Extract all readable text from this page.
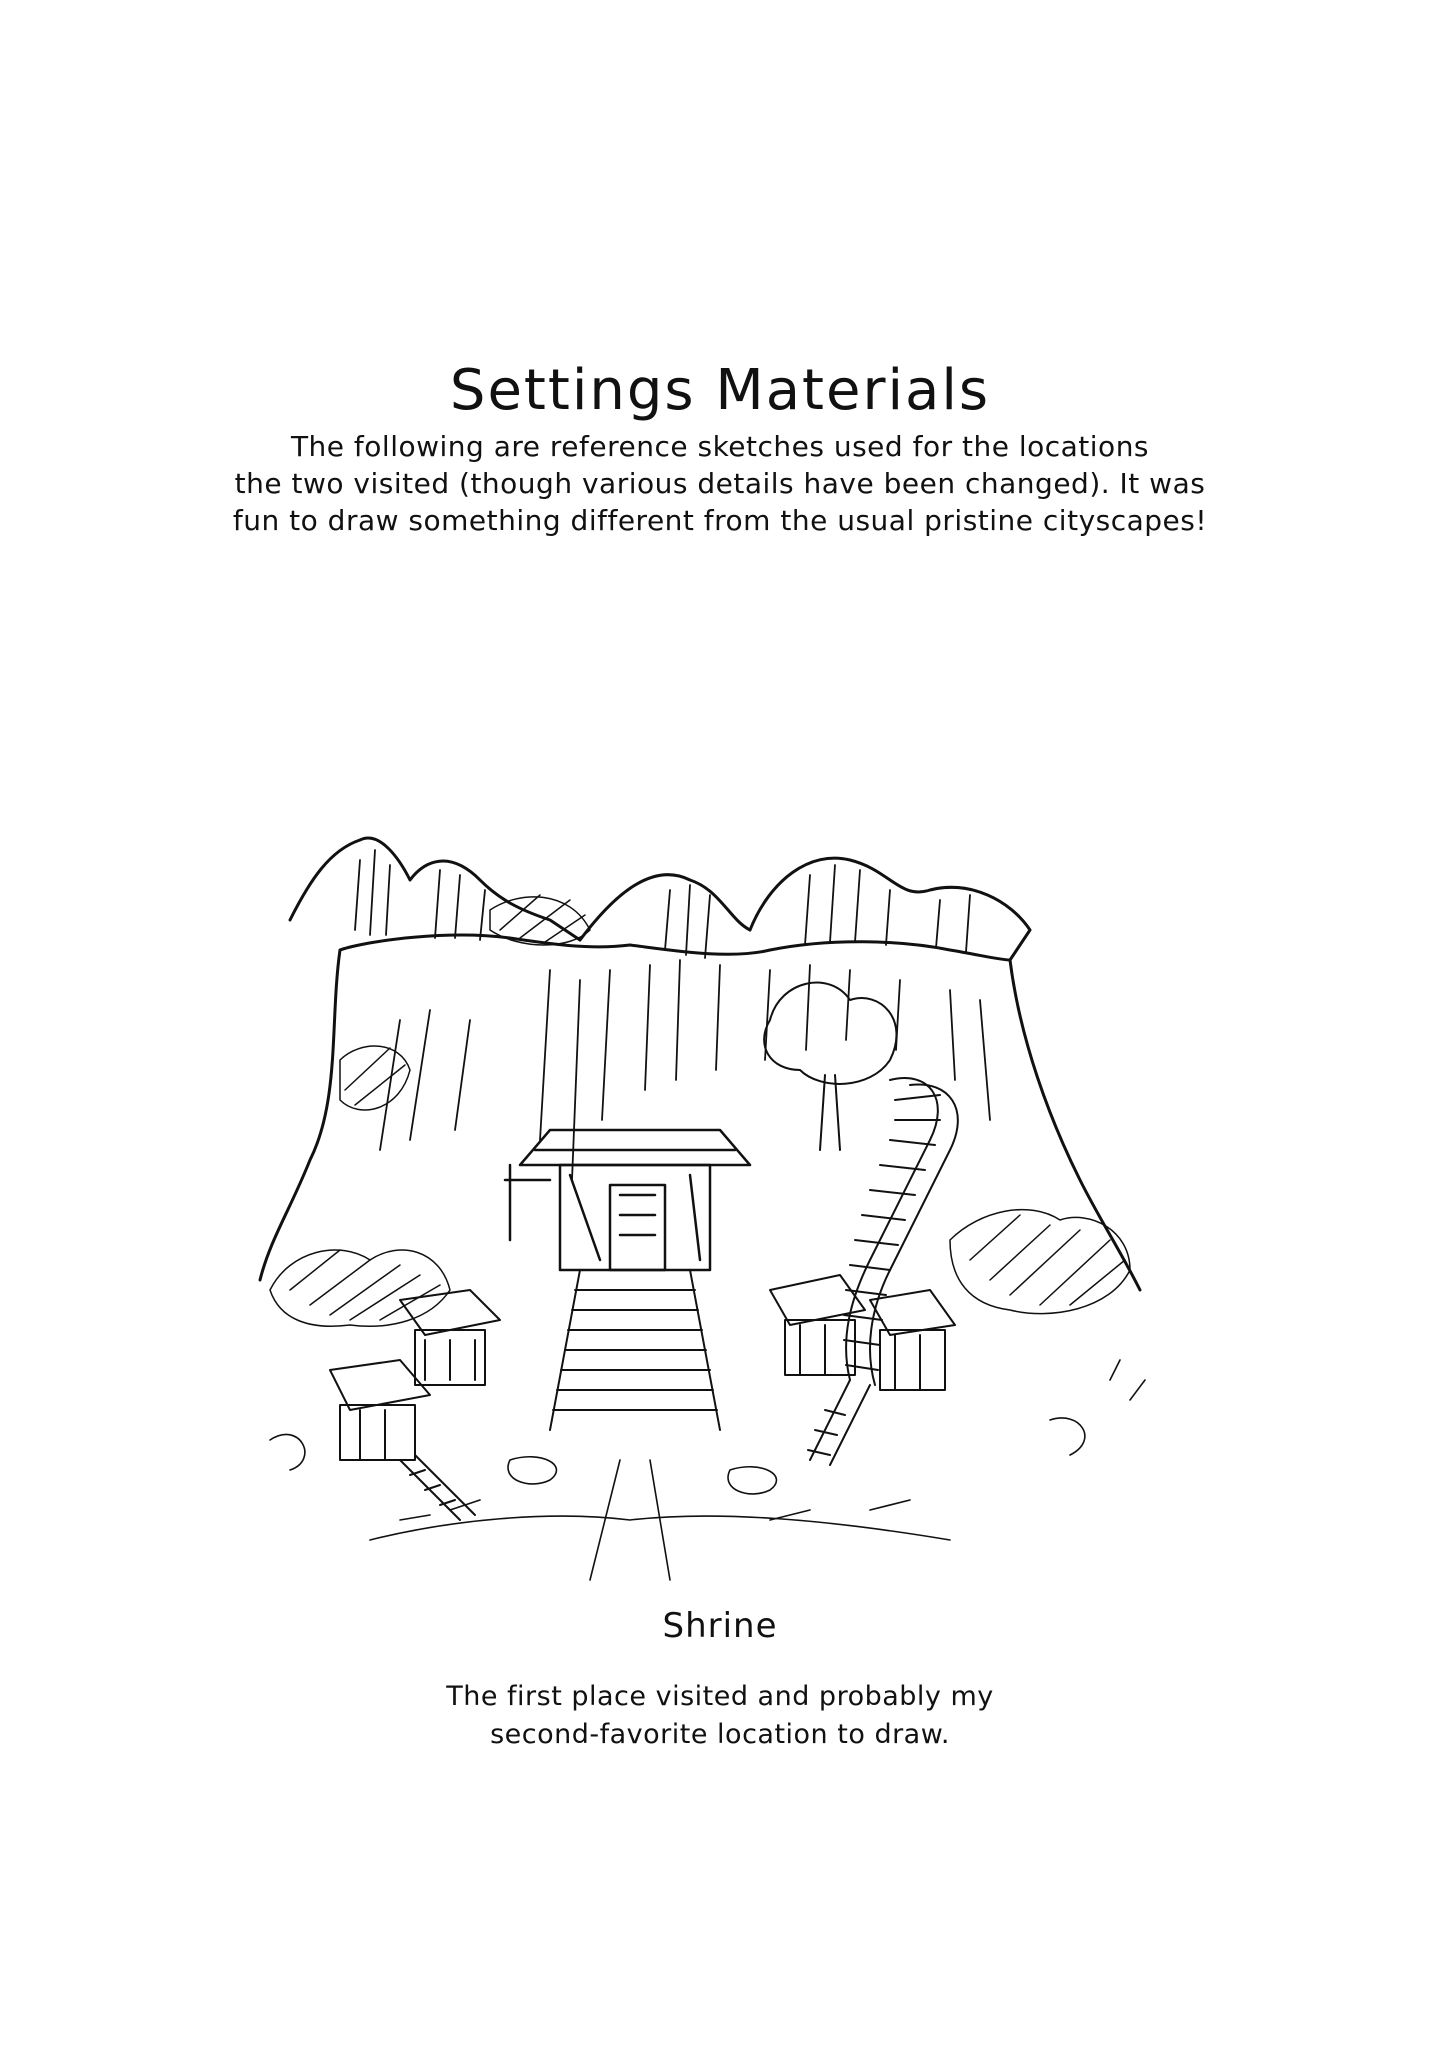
Settings Materials
The following are reference sketches used for the locations
the two visited (though various details have been changed). It was
fun to draw something different from the usual pristine cityscapes!
Shrine
The first place visited and probably my
second-favorite location to draw.
